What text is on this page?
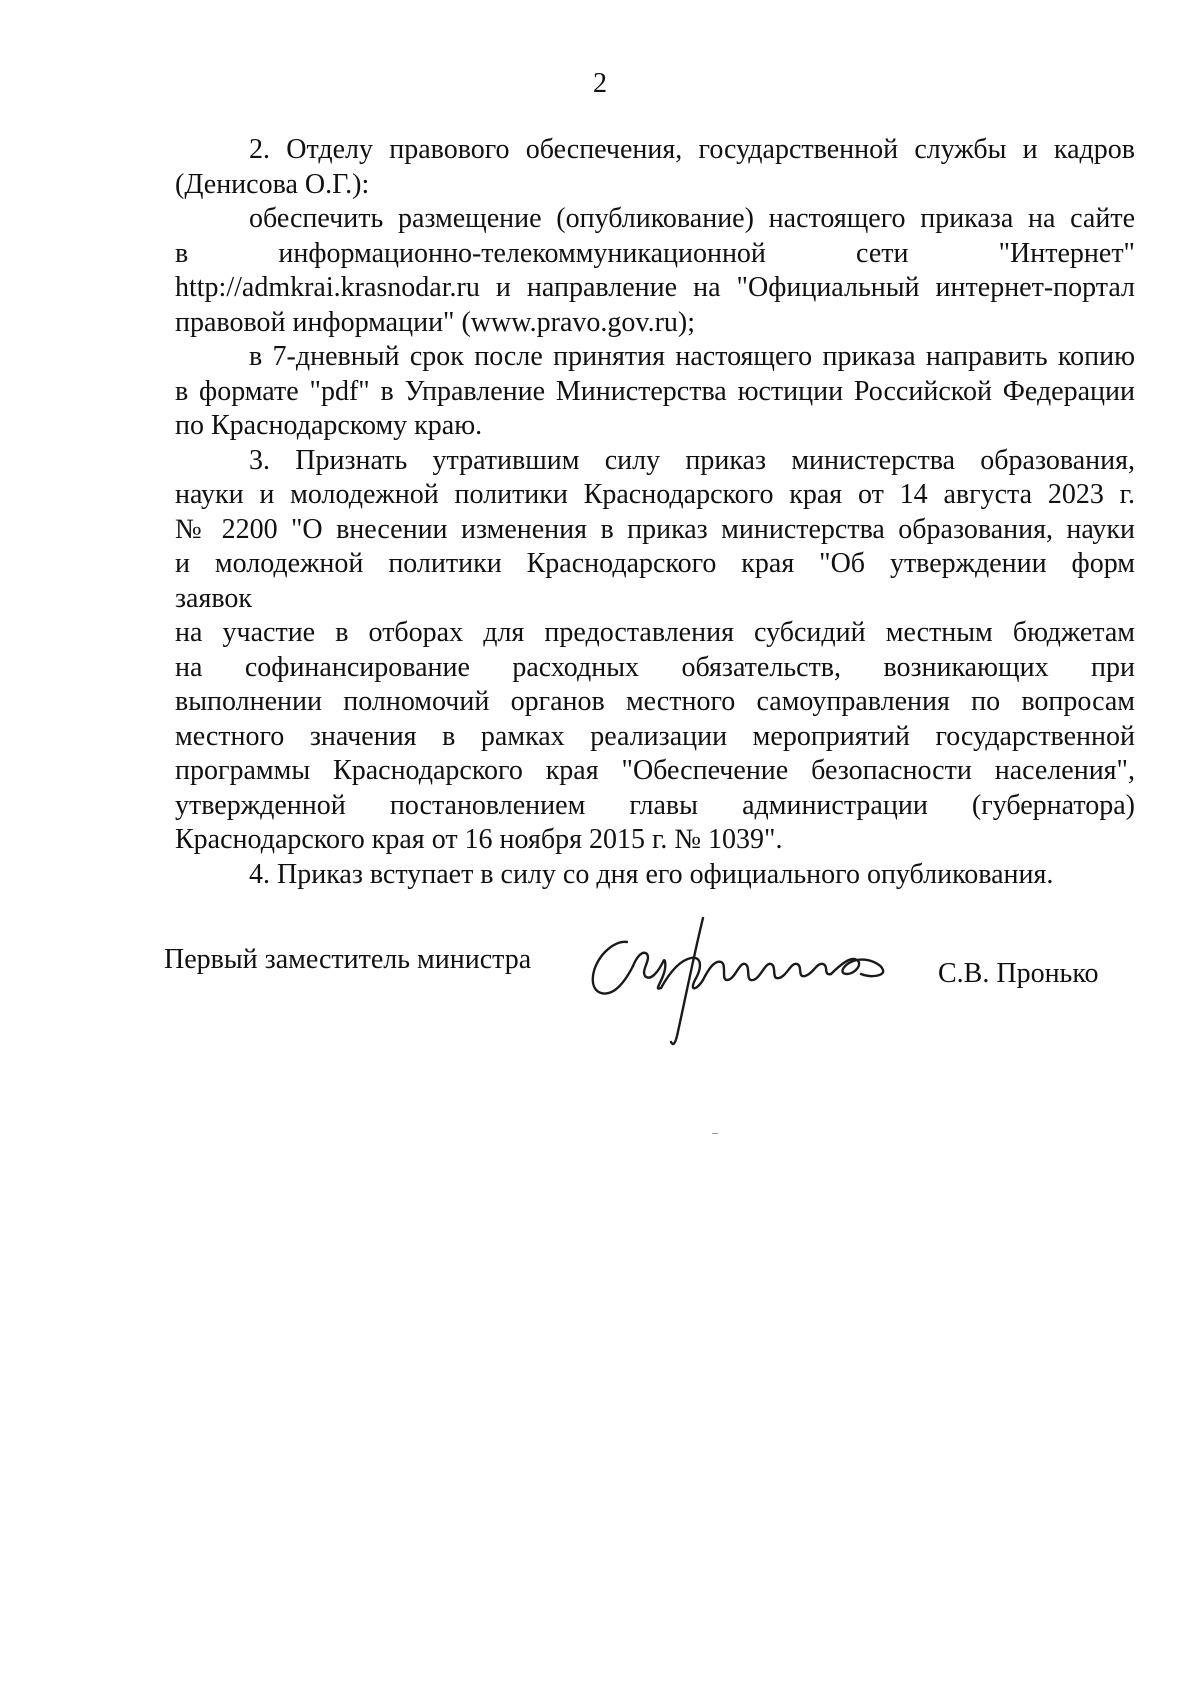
2

2. Отделу правового обеспечения, государственной службы и кадров
(Денисова О.Г.):

обеспечить размещение (опубликование) настоящего приказа на сайте
в информационно-телекоммуникационной сети "Интернет"
http://admkrai.krasnodar.ru и направление на "Официальный интернет-портал
правовой информации" (www.pravo.gov.ru);

в 7-дневный срок после принятия настоящего приказа направить копию
в формате "pdf" в Управление Министерства юстиции Российской Федерации
по Краснодарскому краю.

3. Признать утратившим силу приказ министерства образования,
науки и молодежной политики Краснодарского края от 14 августа 2023 г.
№ 2200 "О внесении изменения в приказ министерства образования, науки
и молодежной политики Краснодарского края "Об утверждении форм
заявок
на участие в отборах для предоставления субсидий местным бюджетам
на софинансирование расходных обязательств, возникающих при
выполнении полномочий органов местного самоуправления по вопросам
местного значения в рамках реализации мероприятий государственной
программы Краснодарского края "Обеспечение безопасности населения",
утвержденной постановлением главы администрации (губернатора)
Краснодарского края от 16 ноября 2015 г. № 1039".

4. Приказ вступает в силу со дня его официального опубликования.

Первый заместитель министра	С.В. Пронько
